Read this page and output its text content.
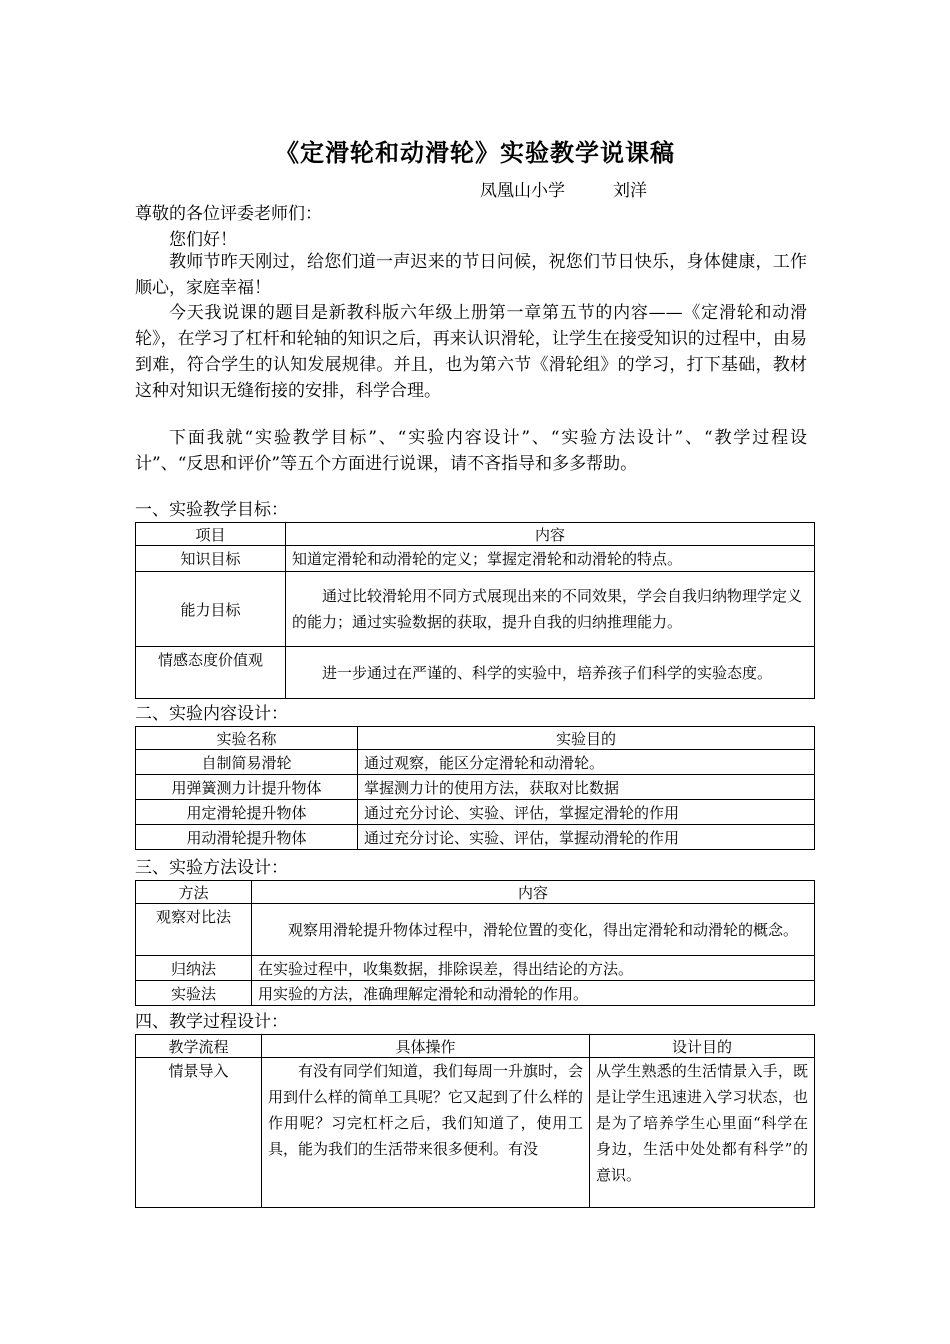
《定滑轮和动滑轮》实验教学说课稿
凤凰山小学	刘洋
尊敬的各位评委老师们：
您们好！
教师节昨天刚过，给您们道一声迟来的节日问候，祝您们节日快乐，身体健康，工作顺心，家庭幸福！
今天我说课的题目是新教科版六年级上册第一章第五节的内容——《定滑轮和动滑轮》，在学习了杠杆和轮轴的知识之后，再来认识滑轮，让学生在接受知识的过程中，由易到难，符合学生的认知发展规律。并且，也为第六节《滑轮组》的学习，打下基础，教材这种对知识无缝衔接的安排，科学合理。
下面我就“实验教学目标”、“实验内容设计”、“实验方法设计”、“教学过程设计”、“反思和评价”等五个方面进行说课，请不吝指导和多多帮助。
一、实验教学目标：
项目	内容
知识目标	知道定滑轮和动滑轮的定义；掌握定滑轮和动滑轮的特点。
能力目标	通过比较滑轮用不同方式展现出来的不同效果，学会自我归纳物理学定义的能力；通过实验数据的获取，提升自我的归纳推理能力。
情感态度价值观	进一步通过在严谨的、科学的实验中，培养孩子们科学的实验态度。
二、实验内容设计：
实验名称	实验目的
自制简易滑轮	通过观察，能区分定滑轮和动滑轮。
用弹簧测力计提升物体	掌握测力计的使用方法，获取对比数据
用定滑轮提升物体	通过充分讨论、实验、评估，掌握定滑轮的作用
用动滑轮提升物体	通过充分讨论、实验、评估，掌握动滑轮的作用
三、实验方法设计：
方法	内容
观察对比法	观察用滑轮提升物体过程中，滑轮位置的变化，得出定滑轮和动滑轮的概念。
归纳法	在实验过程中，收集数据，排除误差，得出结论的方法。
实验法	用实验的方法，准确理解定滑轮和动滑轮的作用。
四、教学过程设计：
教学流程	具体操作	设计目的
情景导入	有没有同学们知道，我们每周一升旗时，会用到什么样的简单工具呢？它又起到了什么样的作用呢？习完杠杆之后，我们知道了，使用工具，能为我们的生活带来很多便利。有没	从学生熟悉的生活情景入手，既是让学生迅速进入学习状态，也是为了培养学生心里面“科学在身边，生活中处处都有科学”的意识。
